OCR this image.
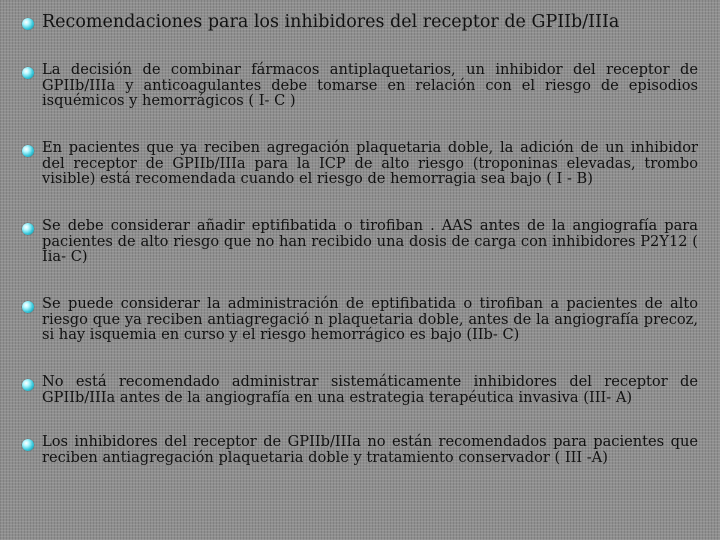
Recomendaciones para los inhibidores del receptor de GPIIb/IIIa
La decisión de combinar fármacos antiplaquetarios, un inhibidor del receptor de GPIIb/IIIa y anticoagulantes debe tomarse en relación con el riesgo de episodios isquémicos y hemorrágicos ( I- C )
En pacientes que ya reciben agregación plaquetaria doble, la adición de un inhibidor del receptor de GPIIb/IIIa para la ICP de alto riesgo (troponinas elevadas, trombo visible) está recomendada cuando el riesgo de hemorragia sea bajo ( I - B)
Se debe considerar añadir eptifibatida o tirofiban . AAS antes de la angiografía para pacientes de alto riesgo que no han recibido una dosis de carga con inhibidores P2Y12 ( Iia- C)
Se puede considerar la administración de eptifibatida o tirofiban a pacientes de alto riesgo que ya reciben antiagregació n plaquetaria doble, antes de la angiografía precoz, si hay isquemia en curso y el riesgo hemorrágico es bajo (IIb- C)
No está recomendado administrar sistemáticamente inhibidores del receptor de GPIIb/IIIa antes de la angiografía en una estrategia terapéutica invasiva (III- A)
Los inhibidores del receptor de GPIIb/IIIa no están recomendados para pacientes que reciben antiagregación plaquetaria doble y tratamiento conservador ( III -A)
